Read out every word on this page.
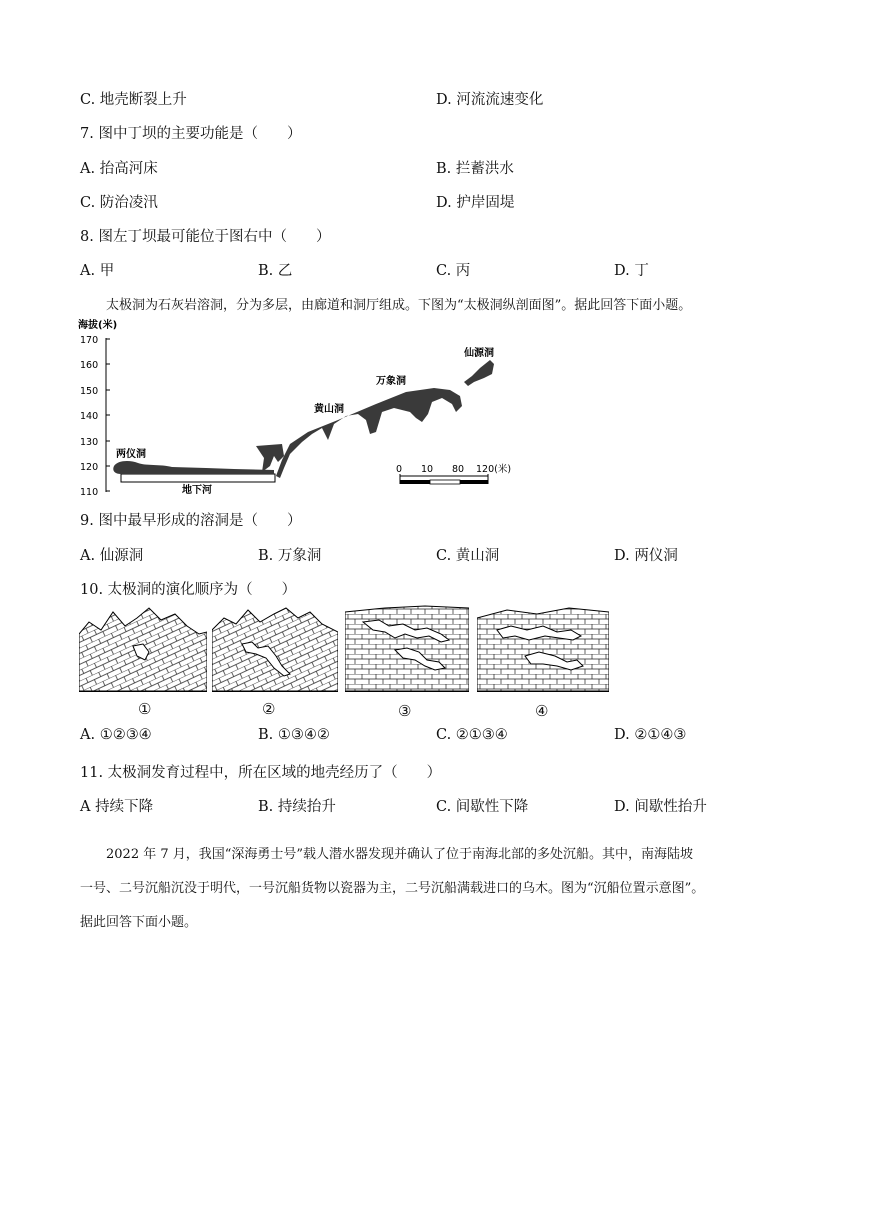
C. 地壳断裂上升	D. 河流流速变化
7. 图中丁坝的主要功能是（　　）
A. 抬高河床	B. 拦蓄洪水
C. 防治凌汛	D. 护岸固堤
8. 图左丁坝最可能位于图右中（　　）
A. 甲	B. 乙	C. 丙	D. 丁
太极洞为石灰岩溶洞，分为多层，由廊道和洞厅组成。下图为“太极洞纵剖面图”。据此回答下面小题。
海拔(米)
170
160
150
140
130
120
110	地下河
两仪洞
黄山洞
万象洞
仙源洞
0 10 80 120(米)
9. 图中最早形成的溶洞是（　　）
A. 仙源洞	B. 万象洞	C. 黄山洞	D. 两仪洞
10. 太极洞的演化顺序为（　　）
①	②	③	④
A. ①②③④	B. ①③④②	C. ②①③④	D. ②①④③
11. 太极洞发育过程中，所在区域的地壳经历了（　　）
A 持续下降	B. 持续抬升	C. 间歇性下降	D. 间歇性抬升
2022 年 7 月，我国“深海勇士号”载人潜水器发现并确认了位于南海北部的多处沉船。其中，南海陆坡
一号、二号沉船沉没于明代，一号沉船货物以瓷器为主，二号沉船满载进口的乌木。图为“沉船位置示意图”。
据此回答下面小题。
